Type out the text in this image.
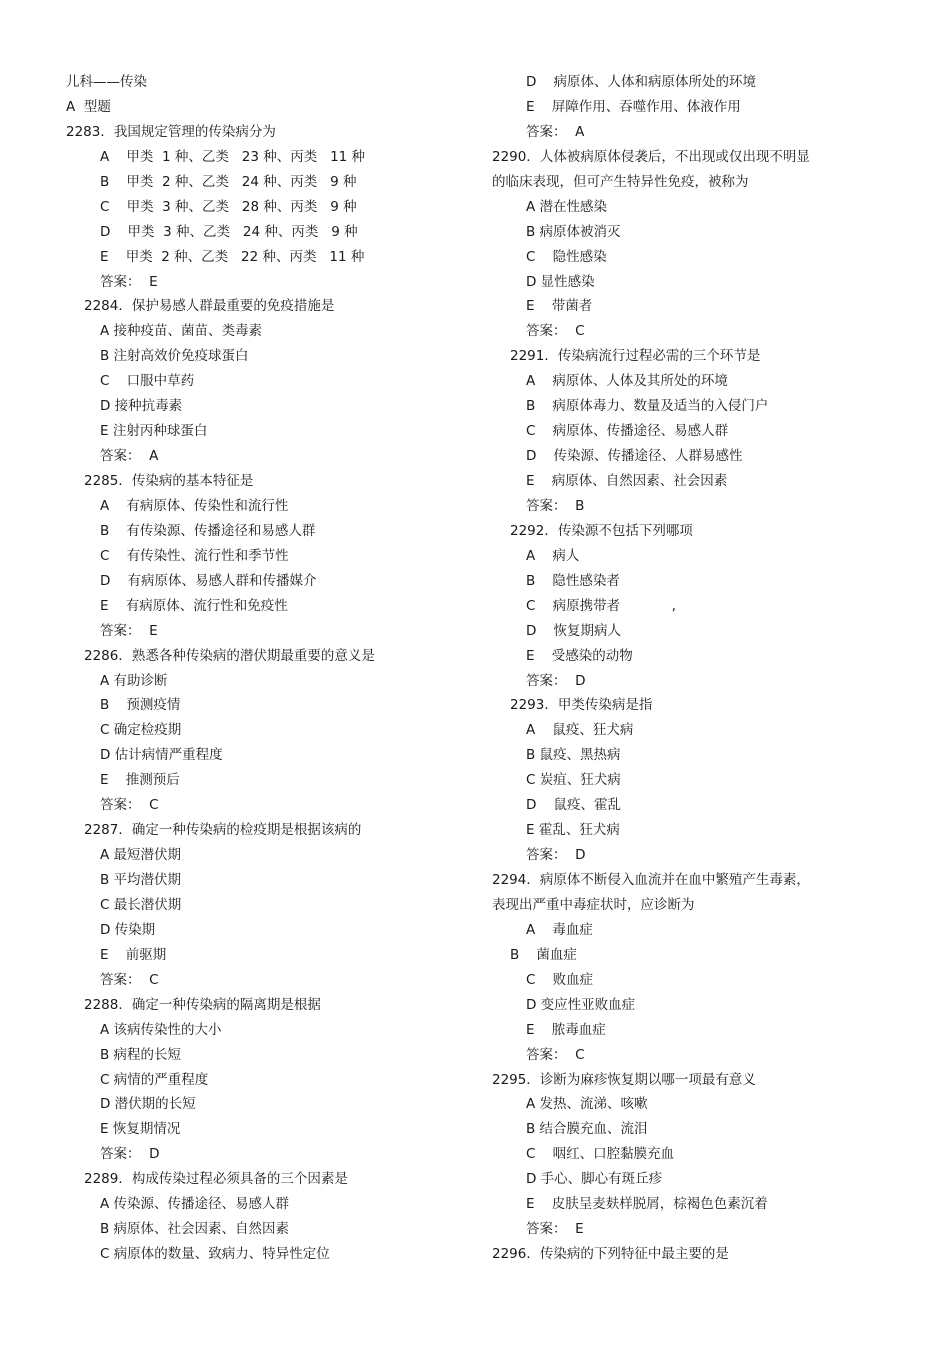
儿科——传染
A  型题
2283．我国规定管理的传染病分为
A    甲类  1 种、乙类   23 种、丙类   11 种
B    甲类  2 种、乙类   24 种、丙类   9 种
C    甲类  3 种、乙类   28 种、丙类   9 种
D    甲类  3 种、乙类   24 种、丙类   9 种
E    甲类  2 种、乙类   22 种、丙类   11 种
答案：  E
2284．保护易感人群最重要的免疫措施是
A 接种疫苗、菌苗、类毒素
B 注射高效价免疫球蛋白
C    口服中草药
D 接种抗毒素
E 注射丙种球蛋白
答案：  A
2285．传染病的基本特征是
A    有病原体、传染性和流行性
B    有传染源、传播途径和易感人群
C    有传染性、流行性和季节性
D    有病原体、易感人群和传播媒介
E    有病原体、流行性和免疫性
答案：  E
2286．熟悉各种传染病的潜伏期最重要的意义是
A 有助诊断
B    预测疫情
C 确定检疫期
D 估计病情严重程度
E    推测预后
答案：  C
2287．确定一种传染病的检疫期是根据该病的
A 最短潜伏期
B 平均潜伏期
C 最长潜伏期
D 传染期
E    前驱期
答案：  C
2288．确定一种传染病的隔离期是根据
A 该病传染性的大小
B 病程的长短
C 病情的严重程度
D 潜伏期的长短
E 恢复期情况
答案：  D
2289．构成传染过程必须具备的三个因素是
A 传染源、传播途径、易感人群
B 病原体、社会因素、自然因素
C 病原体的数量、致病力、特异性定位
D    病原体、人体和病原体所处的环境
E    屏障作用、吞噬作用、体液作用
答案：  A
2290．人体被病原体侵袭后，不出现或仅出现不明显
的临床表现，但可产生特异性免疫，被称为
A 潜在性感染
B 病原体被消灭
C    隐性感染
D 显性感染
E    带菌者
答案：  C
2291．传染病流行过程必需的三个环节是
A    病原体、人体及其所处的环境
B    病原体毒力、数量及适当的入侵门户
C    病原体、传播途径、易感人群
D    传染源、传播途径、人群易感性
E    病原体、自然因素、社会因素
答案：  B
2292．传染源不包括下列哪项
A    病人
B    隐性感染者
C    病原携带者            ,
D    恢复期病人
E    受感染的动物
答案：  D
2293．甲类传染病是指
A    鼠疫、狂犬病
B 鼠疫、黑热病
C 炭疽、狂犬病
D    鼠疫、霍乱
E 霍乱、狂犬病
答案：  D
2294．病原体不断侵入血流并在血中繁殖产生毒素，
表现出严重中毒症状时，应诊断为
A    毒血症
B    菌血症
C    败血症
D 变应性亚败血症
E    脓毒血症
答案：  C
2295．诊断为麻疹恢复期以哪一项最有意义
A 发热、流涕、咳嗽
B 结合膜充血、流泪
C    咽红、口腔黏膜充血
D 手心、脚心有斑丘疹
E    皮肤呈麦麸样脱屑，棕褐色色素沉着
答案：  E
2296．传染病的下列特征中最主要的是
